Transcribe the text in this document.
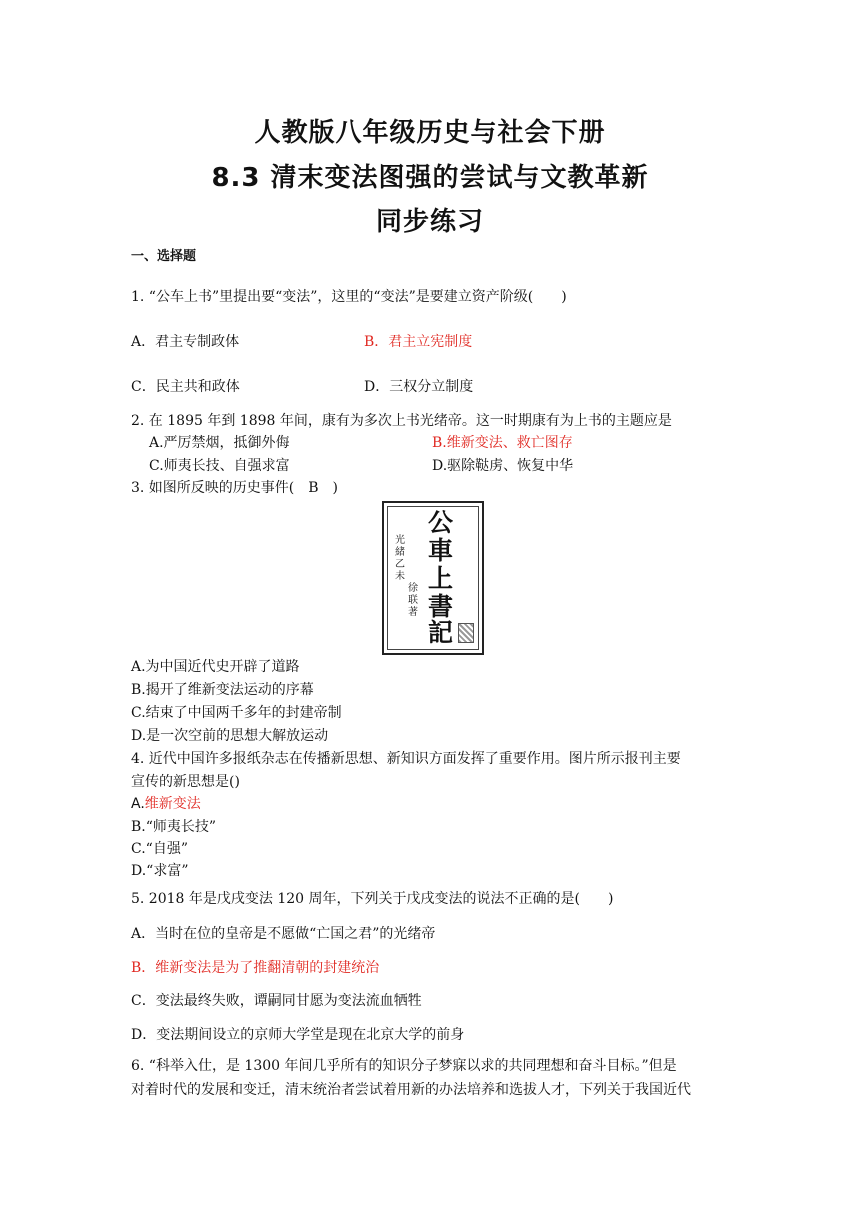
人教版八年级历史与社会下册
8.3 清末变法图强的尝试与文教革新
同步练习
一、选择题
1. “公车上书”里提出要“变法”，这里的“变法”是要建立资产阶级(　　)
A．君主专制政体	B．君主立宪制度
C．民主共和政体	D．三权分立制度
2. 在 1895 年到 1898 年间，康有为多次上书光绪帝。这一时期康有为上书的主题应是
A.严厉禁烟，抵御外侮	B.维新变法、救亡图存
C.师夷长技、自强求富	D.驱除鞑虏、恢复中华
3. 如图所反映的历史事件(　B　)
公
車
上
書
記
光緒乙未
徐联著
A.为中国近代史开辟了道路
B.揭开了维新变法运动的序幕
C.结束了中国两千多年的封建帝制
D.是一次空前的思想大解放运动
4. 近代中国许多报纸杂志在传播新思想、新知识方面发挥了重要作用。图片所示报刊主要
宣传的新思想是()
A.维新变法
B.“师夷长技”
C.“自强”
D.“求富”
5. 2018 年是戊戌变法 120 周年，下列关于戊戌变法的说法不正确的是(　　)
A．当时在位的皇帝是不愿做“亡国之君”的光绪帝
B．维新变法是为了推翻清朝的封建统治
C．变法最终失败，谭嗣同甘愿为变法流血牺牲
D．变法期间设立的京师大学堂是现在北京大学的前身
6. “科举入仕，是 1300 年间几乎所有的知识分子梦寐以求的共同理想和奋斗目标。”但是
对着时代的发展和变迁，清末统治者尝试着用新的办法培养和选拔人才，下列关于我国近代
